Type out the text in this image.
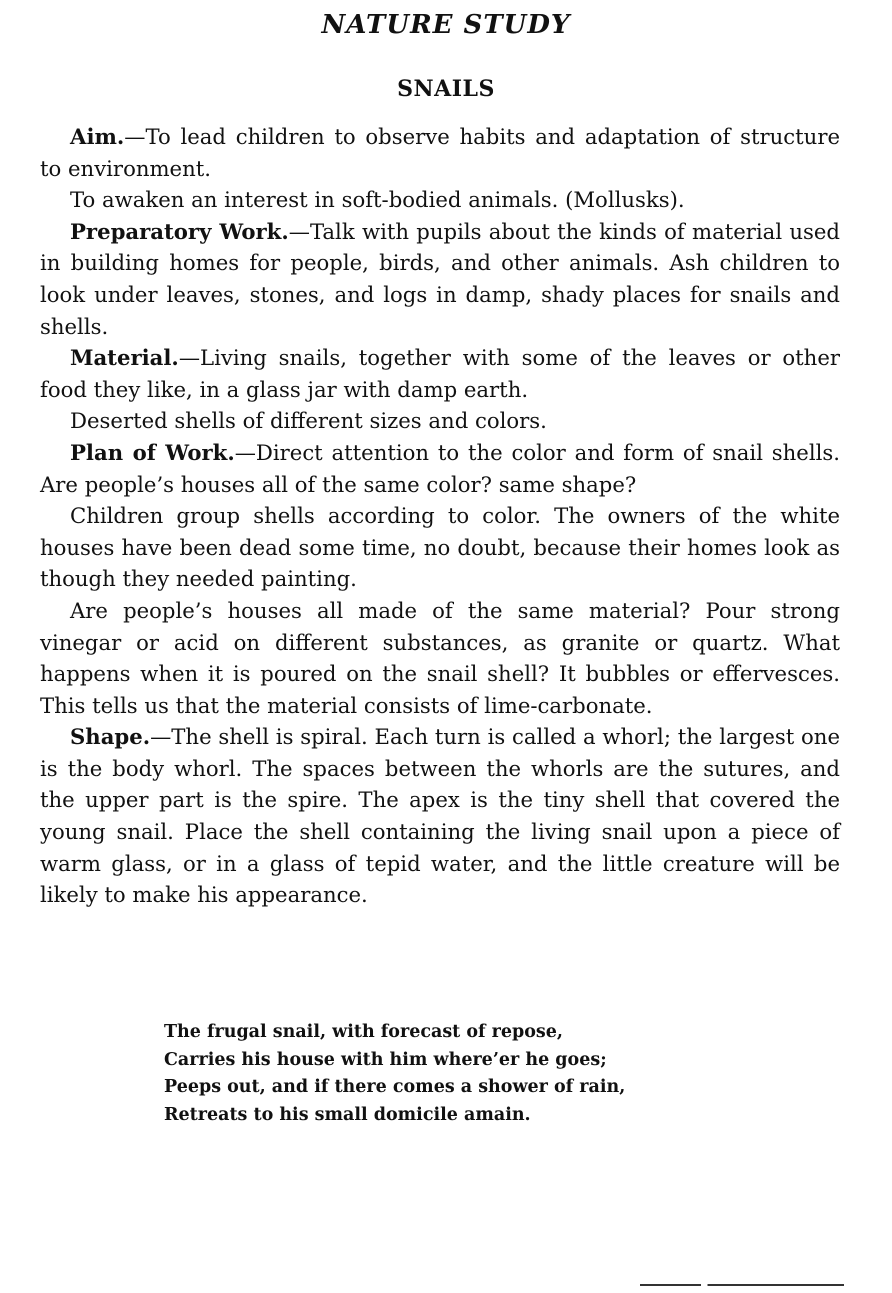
NATURE STUDY
SNAILS

Aim.—To lead children to observe habits and adaptation of structure to environment.

To awaken an interest in soft-bodied animals. (Mollusks).

Preparatory Work.—Talk with pupils about the kinds of material used in building homes for people, birds, and other animals. Ash children to look under leaves, stones, and logs in damp, shady places for snails and shells.

Material.—Living snails, together with some of the leaves or other food they like, in a glass jar with damp earth.

Deserted shells of different sizes and colors.

Plan of Work.—Direct attention to the color and form of snail shells. Are people’s houses all of the same color? same shape?

Children group shells according to color. The owners of the white houses have been dead some time, no doubt, because their homes look as though they needed painting.

Are people’s houses all made of the same material? Pour strong vinegar or acid on different substances, as granite or quartz. What happens when it is poured on the snail shell? It bubbles or effervesces. This tells us that the material consists of lime-carbonate.

Shape.—The shell is spiral. Each turn is called a whorl; the largest one is the body whorl. The spaces between the whorls are the sutures, and the upper part is the spire. The apex is the tiny shell that covered the young snail. Place the shell containing the living snail upon a piece of warm glass, or in a glass of tepid water, and the little creature will be likely to make his appearance.

The frugal snail, with forecast of repose,
Carries his house with him where’er he goes;
Peeps out, and if there comes a shower of rain,
Retreats to his small domicile amain.
